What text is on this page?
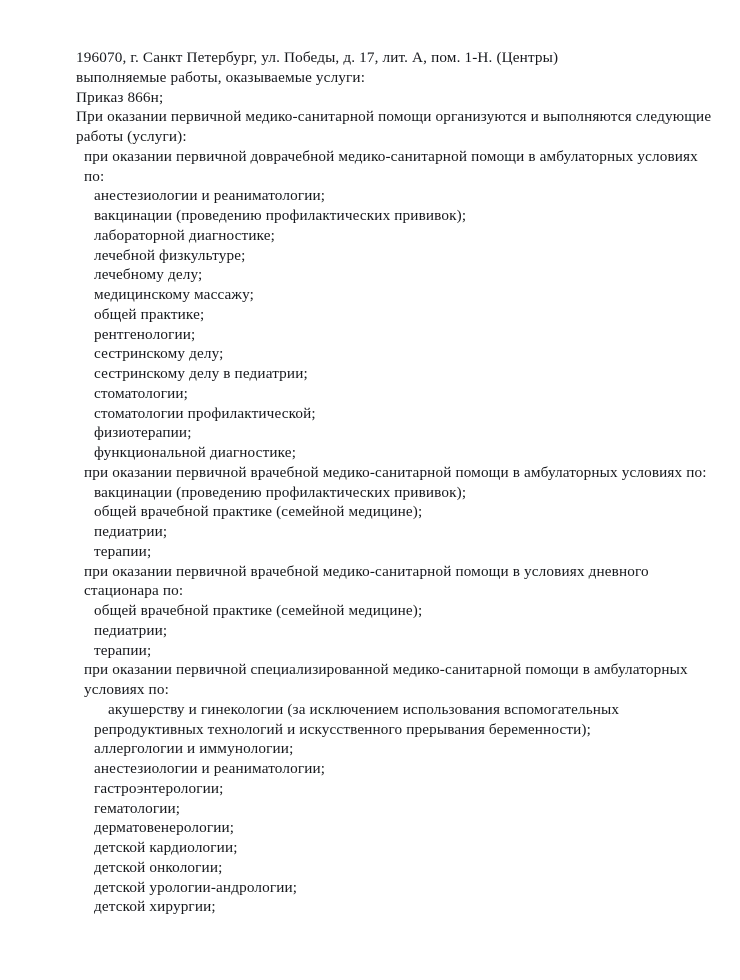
196070, г. Санкт Петербург, ул. Победы, д. 17, лит. А, пом. 1-Н. (Центры)
выполняемые работы, оказываемые услуги:
Приказ 866н;
При оказании первичной медико-санитарной помощи организуются и выполняются следующие работы (услуги):
при оказании первичной доврачебной медико-санитарной помощи в амбулаторных условиях по:
анестезиологии и реаниматологии;
вакцинации (проведению профилактических прививок);
лабораторной диагностике;
лечебной физкультуре;
лечебному делу;
медицинскому массажу;
общей практике;
рентгенологии;
сестринскому делу;
сестринскому делу в педиатрии;
стоматологии;
стоматологии профилактической;
физиотерапии;
функциональной диагностике;
при оказании первичной врачебной медико-санитарной помощи в амбулаторных условиях по:
вакцинации (проведению профилактических прививок);
общей врачебной практике (семейной медицине);
педиатрии;
терапии;
при оказании первичной врачебной медико-санитарной помощи в условиях дневного стационара по:
общей врачебной практике (семейной медицине);
педиатрии;
терапии;
при оказании первичной специализированной медико-санитарной помощи в амбулаторных условиях по:
акушерству и гинекологии (за исключением использования вспомогательных репродуктивных технологий и искусственного прерывания беременности);
аллергологии и иммунологии;
анестезиологии и реаниматологии;
гастроэнтерологии;
гематологии;
дерматовенерологии;
детской кардиологии;
детской онкологии;
детской урологии-андрологии;
детской хирургии;
